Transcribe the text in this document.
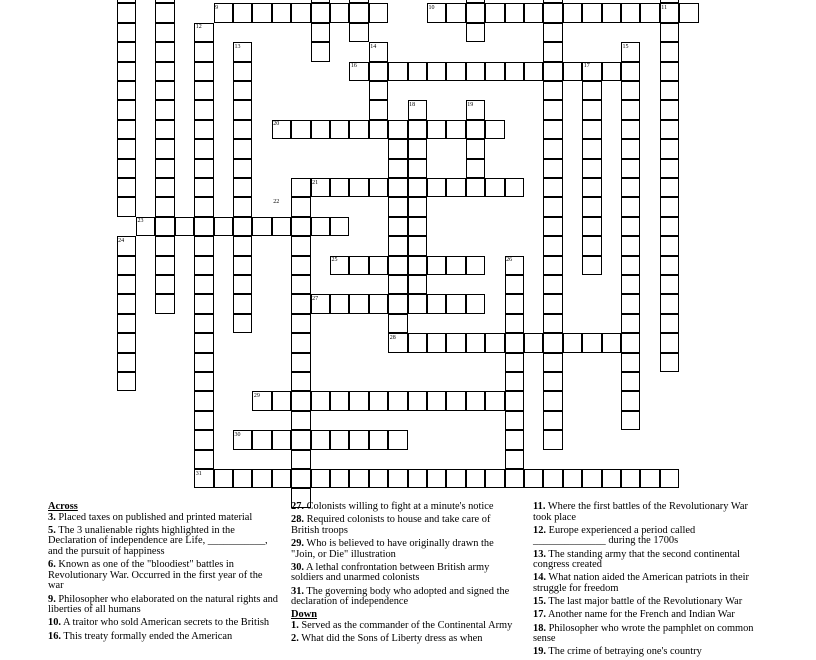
9	10	11
12
13	14	15
16	17
18	19
20
21
22
23
24
25	26
27
28
29
30
31
Across
3. Placed taxes on published and printed material
5. The 3 unalienable rights highlighted in the Declaration of independence are Life, ___________, and the pursuit of happiness
6. Known as one of the "bloodiest" battles in Revolutionary War. Occurred in the first year of the war
9. Philosopher who elaborated on the natural rights and liberties of all humans
10. A traitor who sold American secrets to the British
16. This treaty formally ended the American
27. Colonists willing to fight at a minute's notice
28. Required colonists to house and take care of British troops
29. Who is believed to have originally drawn the "Join, or Die" illustration
30. A lethal confrontation between British army soldiers and unarmed colonists
31. The governing body who adopted and signed the declaration of independence
Down
1. Served as the commander of the Continental Army
2. What did the Sons of Liberty dress as when
11. Where the first battles of the Revolutionary War took place
12. Europe experienced a period called ______________ during the 1700s
13. The standing army that the second continental congress created
14. What nation aided the American patriots in their struggle for freedom
15. The last major battle of the Revolutionary War
17. Another name for the French and Indian War
18. Philosopher who wrote the pamphlet on common sense
19. The crime of betraying one's country
